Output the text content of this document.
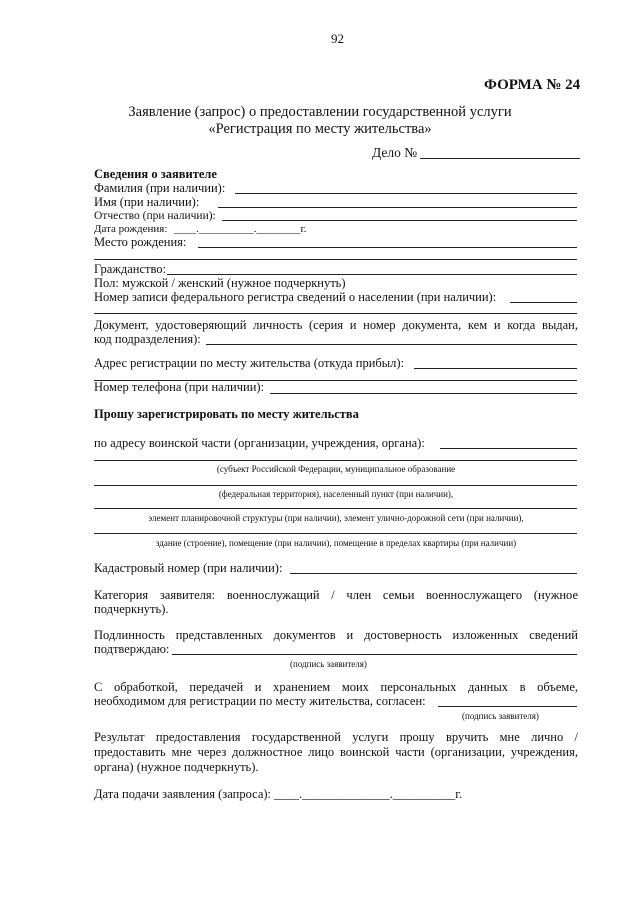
92
ФОРМА № 24
Заявление (запрос) о предоставлении государственной услуги
«Регистрация по месту жительства»
Дело №
Сведения о заявителе
Фамилия (при наличии):
Имя (при наличии):
Отчество (при наличии):
Дата рождения: ____.__________.________г.
Место рождения:
Гражданство:
Пол: мужской / женский (нужное подчеркнуть)
Номер записи федерального регистра сведений о населении (при наличии):
Документ, удостоверяющий личность (серия и номер документа, кем и когда выдан,
код подразделения):
Адрес регистрации по месту жительства (откуда прибыл):
Номер телефона (при наличии):
Прошу зарегистрировать по месту жительства
по адресу воинской части (организации, учреждения, органа):
(субъект Российской Федерации, муниципальное образование
(федеральная территория), населенный пункт (при наличии),
элемент планировочной структуры (при наличии), элемент улично-дорожной сети (при наличии),
здание (строение), помещение (при наличии), помещение в пределах квартиры (при наличии)
Кадастровый номер (при наличии):
Категория заявителя: военнослужащий / член семьи военнослужащего (нужное
подчеркнуть).
Подлинность представленных документов и достоверность изложенных сведений
подтверждаю:
(подпись заявителя)
С обработкой, передачей и хранением моих персональных данных в объеме,
необходимом для регистрации по месту жительства, согласен:
(подпись заявителя)
Результат предоставления государственной услуги прошу вручить мне лично /
предоставить мне через должностное лицо воинской части (организации, учреждения,
органа) (нужное подчеркнуть).
Дата подачи заявления (запроса): ____.______________.__________г.
